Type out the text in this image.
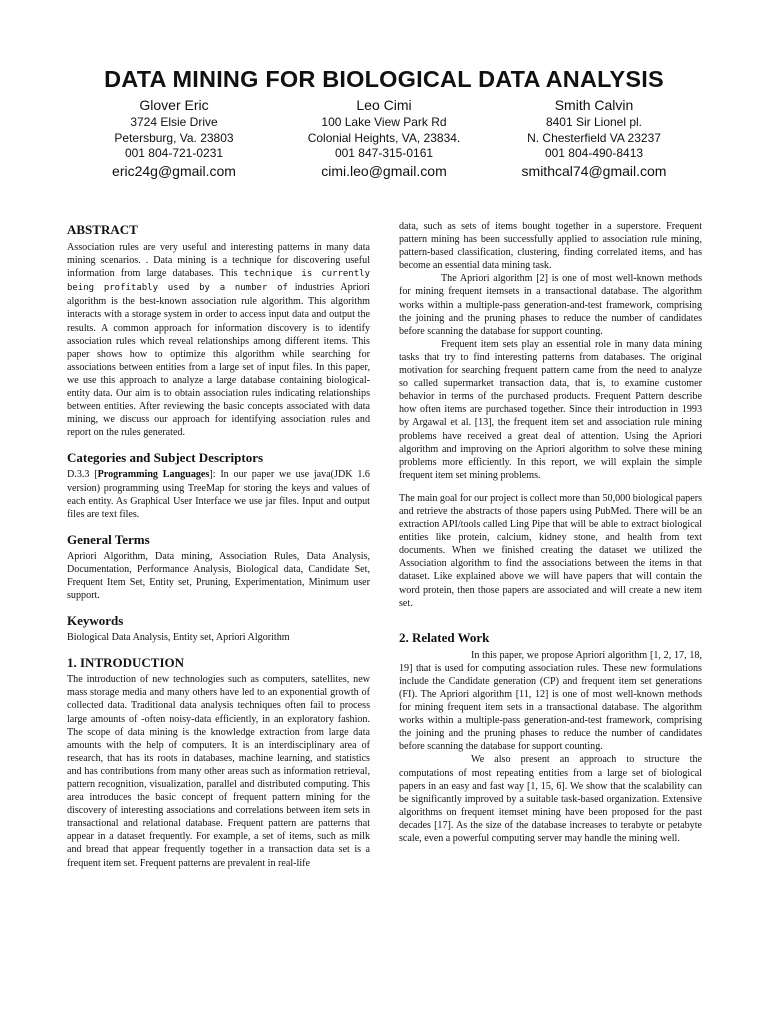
DATA MINING FOR BIOLOGICAL DATA ANALYSIS
Glover Eric
3724 Elsie Drive
Petersburg, Va. 23803
001 804-721-0231
eric24g@gmail.com
Leo Cimi
100 Lake View Park Rd
Colonial Heights, VA, 23834.
001 847-315-0161
cimi.leo@gmail.com
Smith Calvin
8401 Sir Lionel pl.
N. Chesterfield VA 23237
001 804-490-8413
smithcal74@gmail.com
ABSTRACT

Association rules are very useful and interesting patterns in many data mining scenarios. . Data mining is a technique for discovering useful information from large databases. This technique is currently being profitably used by a number of industries Apriori algorithm is the best-known association rule algorithm. This algorithm interacts with a storage system in order to access input data and output the results. A common approach for information discovery is to identify association rules which reveal relationships among different items. This paper shows how to optimize this algorithm while searching for associations between entities from a large set of input files. In this paper, we use this approach to analyze a large database containing biological-entity data. Our aim is to obtain association rules indicating relationships between entities. After reviewing the basic concepts associated with data mining, we discuss our approach for identifying association rules and report on the rules generated.

Categories and Subject Descriptors

D.3.3 [Programming Languages]: In our paper we use java(JDK 1.6 version) programming using TreeMap for storing the keys and values of each entity. As Graphical User Interface we use jar files. Input and output files are text files.

General Terms

Apriori Algorithm, Data mining, Association Rules, Data Analysis, Documentation, Performance Analysis, Biological data, Candidate Set, Frequent Item Set, Entity set, Pruning, Experimentation, Minimum user support.

Keywords

Biological Data Analysis, Entity set, Apriori Algorithm

1. INTRODUCTION

The introduction of new technologies such as computers, satellites, new mass storage media and many others have led to an exponential growth of collected data. Traditional data analysis techniques often fail to process large amounts of -often noisy-data efficiently, in an exploratory fashion. The scope of data mining is the knowledge extraction from large data amounts with the help of computers. It is an interdisciplinary area of research, that has its roots in databases, machine learning, and statistics and has contributions from many other areas such as information retrieval, pattern recognition, visualization, parallel and distributed computing. This area introduces the basic concept of frequent pattern mining for the discovery of interesting associations and correlations between item sets in transactional and relational database. Frequent pattern are patterns that appear in a dataset frequently. For example, a set of items, such as milk and bread that appear frequently together in a transaction data set is a frequent item set. Frequent patterns are prevalent in real-life

data, such as sets of items bought together in a superstore. Frequent pattern mining has been successfully applied to association rule mining, pattern-based classification, clustering, finding correlated items, and has become an essential data mining task.

The Apriori algorithm [2] is one of most well-known methods for mining frequent itemsets in a transactional database. The algorithm works within a multiple-pass generation-and-test framework, comprising the joining and the pruning phases to reduce the number of candidates before scanning the database for support counting.

Frequent item sets play an essential role in many data mining tasks that try to find interesting patterns from databases. The original motivation for searching frequent pattern came from the need to analyze so called supermarket transaction data, that is, to examine customer behavior in terms of the purchased products. Frequent Pattern describe how often items are purchased together. Since their introduction in 1993 by Argawal et al. [13], the frequent item set and association rule mining problems have received a great deal of attention. Using the Apriori algorithm and improving on the Apriori algorithm to solve these mining problems more efficiently. In this report, we will explain the simple frequent item set mining problems.

The main goal for our project is collect more than 50,000 biological papers and retrieve the abstracts of those papers using PubMed. There will be an extraction API/tools called Ling Pipe that will be able to extract biological entities like protein, calcium, kidney stone, and health from text documents. When we finished creating the dataset we utilized the Association algorithm to find the associations between the items in that dataset. Like explained above we will have papers that will contain the word protein, then those papers are associated and will create a new item set.

2. Related Work

In this paper, we propose Apriori algorithm [1, 2, 17, 18, 19] that is used for computing association rules. These new formulations include the Candidate generation (CP) and frequent item set generations (FI). The Apriori algorithm [11, 12] is one of most well-known methods for mining frequent item sets in a transactional database. The algorithm works within a multiple-pass generation-and-test framework, comprising the joining and the pruning phases to reduce the number of candidates before scanning the database for support counting.

We also present an approach to structure the computations of most repeating entities from a large set of biological papers in an easy and fast way [1, 15, 6]. We show that the scalability can be significantly improved by a suitable task-based organization. Extensive algorithms on frequent itemset mining have been proposed for the past decades [17]. As the size of the database increases to terabyte or petabyte scale, even a powerful computing server may handle the mining well.
